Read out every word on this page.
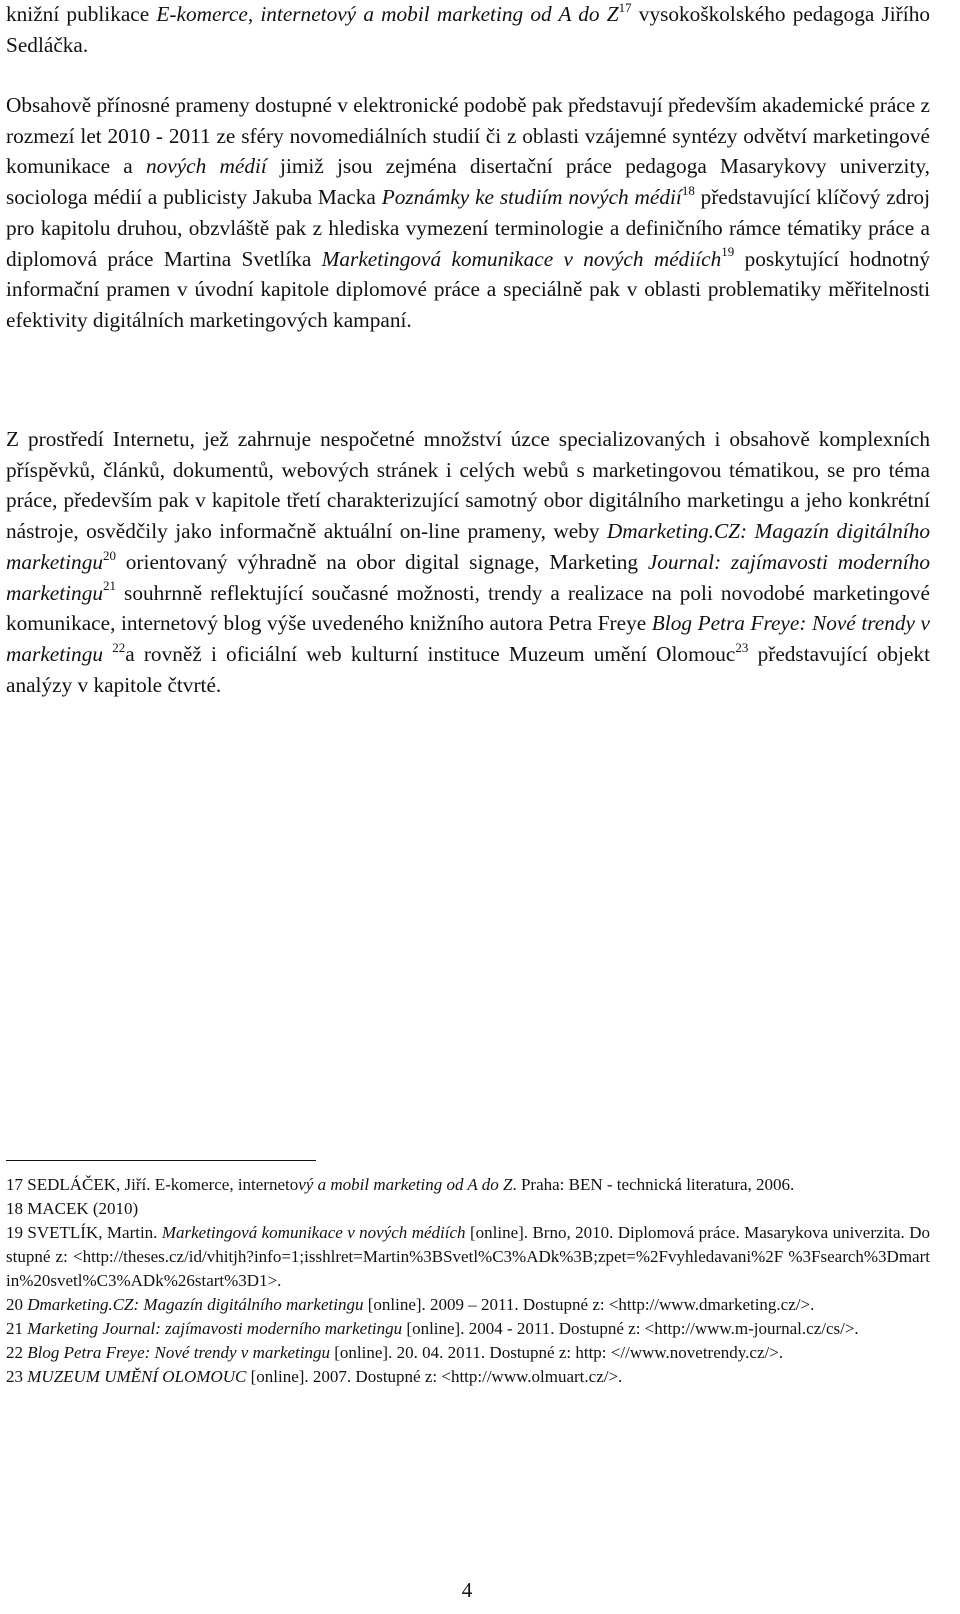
knižní publikace E-komerce, internetový a mobil marketing od A do $Z^{17}$ vysokoškolského pedagoga Jiřího Sedláčka.

Obsahově přínosné prameny dostupné v elektronické podobě pak představují především akademické práce z rozmezí let 2010 - 2011 ze sféry novomediálních studií či z oblasti vzájemné syntézy odvětví marketingové komunikace a nových médií jimiž jsou zejména disertační práce pedagoga Masarykovy univerzity, sociologa médií a publicisty Jakuba Macka Poznámky ke studiím nových médií$^{18}$ představující klíčový zdroj pro kapitolu druhou, obzvláště pak z hlediska vymezení terminologie a definičního rámce tématiky práce a diplomová práce Martina Svetlíka Marketingová komunikace v nových médiích$^{19}$ poskytující hodnotný informační pramen v úvodní kapitole diplomové práce a speciálně pak v oblasti problematiky měřitelnosti efektivity digitálních marketingových kampaní.

Z prostředí Internetu, jež zahrnuje nespočetné množství úzce specializovaných i obsahově komplexních příspěvků, článků, dokumentů, webových stránek i celých webů s marketingovou tématikou, se pro téma práce, především pak v kapitole třetí charakterizující samotný obor digitálního marketingu a jeho konkrétní nástroje, osvědčily jako informačně aktuální on-line prameny, weby Dmarketing.CZ: Magazín digitálního marketingu$^{20}$ orientovaný výhradně na obor digital signage, Marketing Journal: zajímavosti moderního marketingu$^{21}$ souhrnně reflektující současné možnosti, trendy a realizace na poli novodobé marketingové komunikace, internetový blog výše uvedeného knižního autora Petra Freye Blog Petra Freye: Nové trendy v marketingu $^{22}$a rovněž i oficiální web kulturní instituce Muzeum umění Olomouc$^{23}$ představující objekt analýzy v kapitole čtvrté.

17 SEDLÁČEK, Jiří. E-komerce, internetový a mobil marketing od A do Z. Praha: BEN - technická literatura, 2006.

18 MACEK (2010)

19 SVETLÍK, Martin. Marketingová komunikace v nových médiích [online]. Brno, 2010. Diplomová práce. Masarykova univerzita. Dostupné z: <http://theses.cz/id/vhitjh?info=1;isshlret=Martin%3BSvetl%C3%ADk%3B;zpet=%2Fvyhledavani%2F %3Fsearch%3Dmartin%20svetl%C3%ADk%26start%3D1>.

20 Dmarketing.CZ: Magazín digitálního marketingu [online]. 2009 – 2011. Dostupné z: <http://www.dmarketing.cz/>.

21 Marketing Journal: zajímavosti moderního marketingu [online]. 2004 - 2011. Dostupné z: <http://www.m-journal.cz/cs/>.

22 Blog Petra Freye: Nové trendy v marketingu [online]. 20. 04. 2011. Dostupné z: http: <//www.novetrendy.cz/>.

23 MUZEUM UMĚNÍ OLOMOUC [online]. 2007. Dostupné z: <http://www.olmuart.cz/>.

4
